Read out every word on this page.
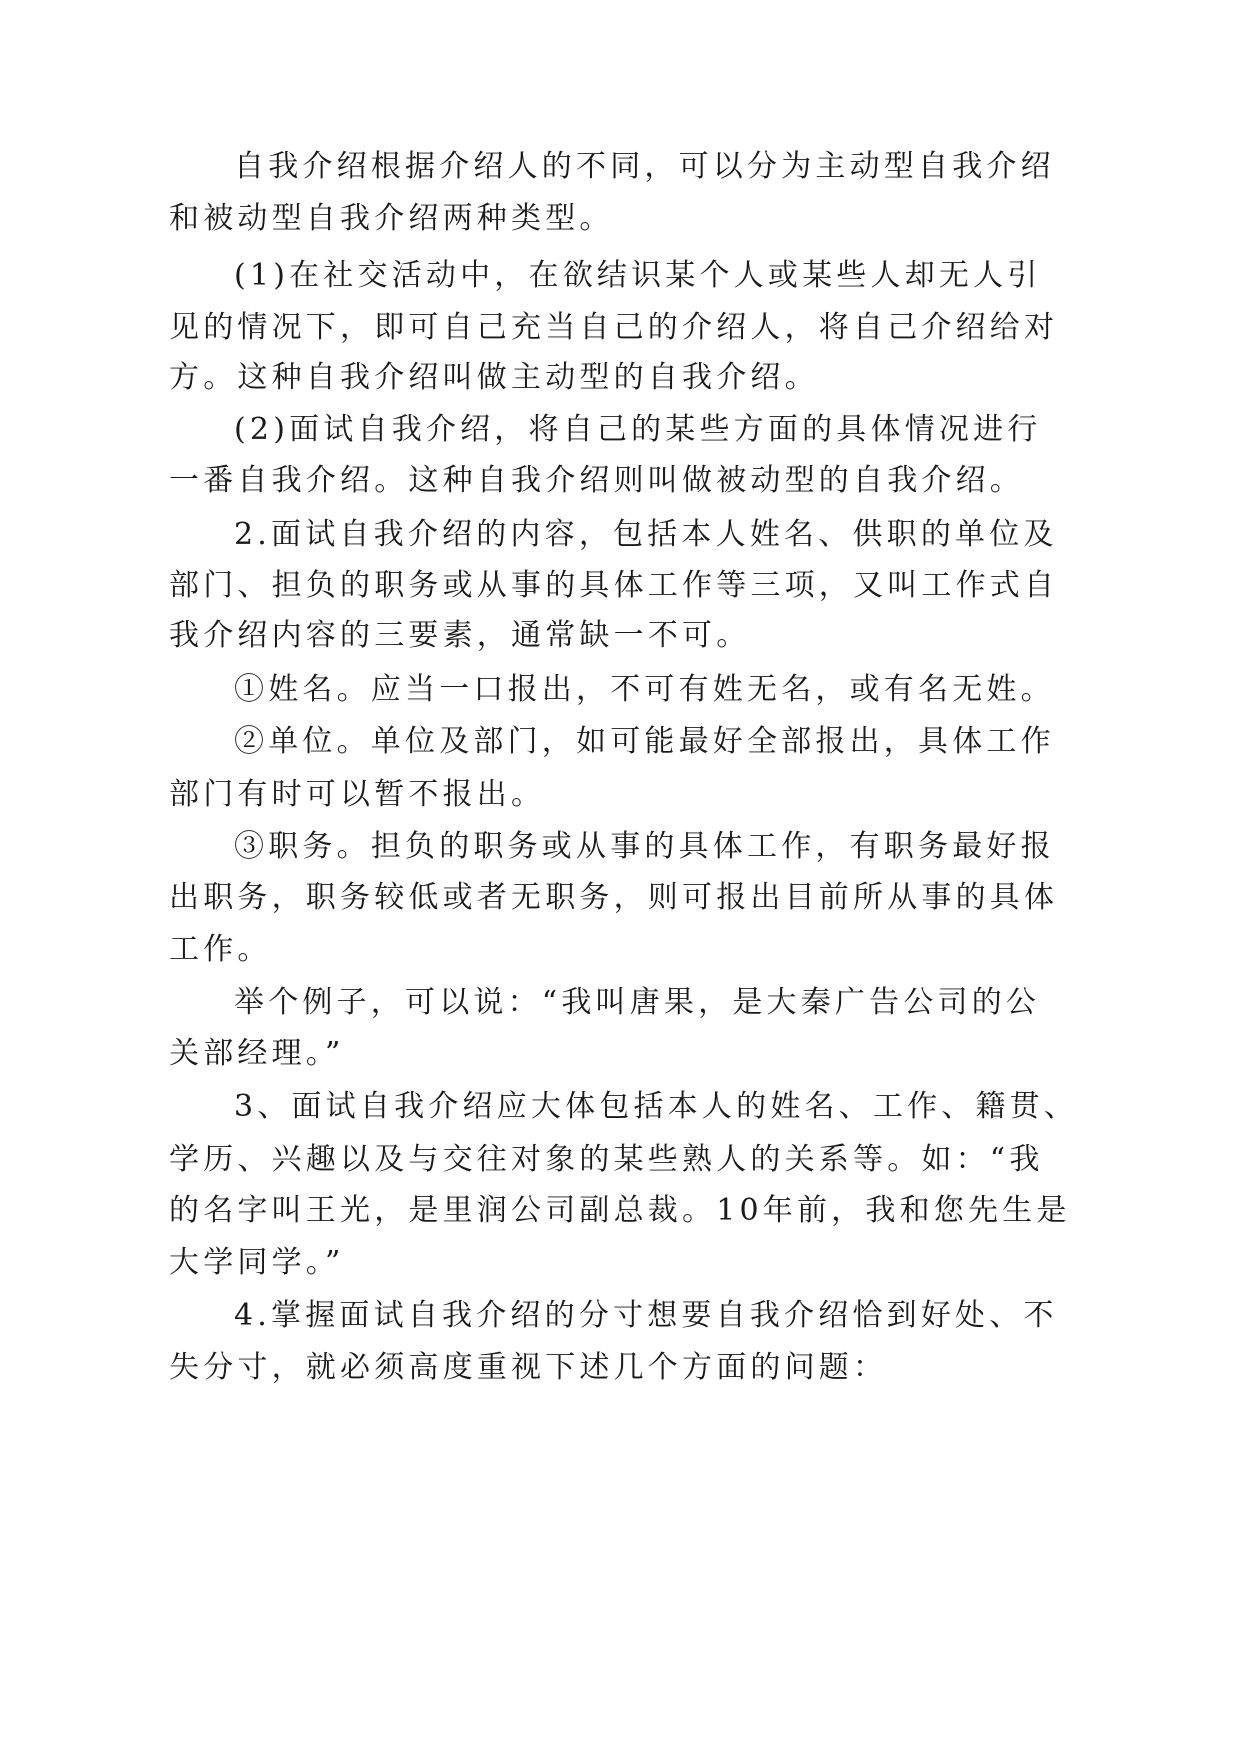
自我介绍根据介绍人的不同，可以分为主动型自我介绍
和被动型自我介绍两种类型。
(1)在社交活动中，在欲结识某个人或某些人却无人引
见的情况下，即可自己充当自己的介绍人，将自己介绍给对
方。这种自我介绍叫做主动型的自我介绍。
(2)面试自我介绍，将自己的某些方面的具体情况进行
一番自我介绍。这种自我介绍则叫做被动型的自我介绍。
2.面试自我介绍的内容，包括本人姓名、供职的单位及
部门、担负的职务或从事的具体工作等三项，又叫工作式自
我介绍内容的三要素，通常缺一不可。
①姓名。应当一口报出，不可有姓无名，或有名无姓。
②单位。单位及部门，如可能最好全部报出，具体工作
部门有时可以暂不报出。
③职务。担负的职务或从事的具体工作，有职务最好报
出职务，职务较低或者无职务，则可报出目前所从事的具体
工作。
举个例子，可以说：“我叫唐果，是大秦广告公司的公
关部经理。”
3、面试自我介绍应大体包括本人的姓名、工作、籍贯、
学历、兴趣以及与交往对象的某些熟人的关系等。如：“我
的名字叫王光，是里润公司副总裁。10年前，我和您先生是
大学同学。”
4.掌握面试自我介绍的分寸想要自我介绍恰到好处、不
失分寸，就必须高度重视下述几个方面的问题：
